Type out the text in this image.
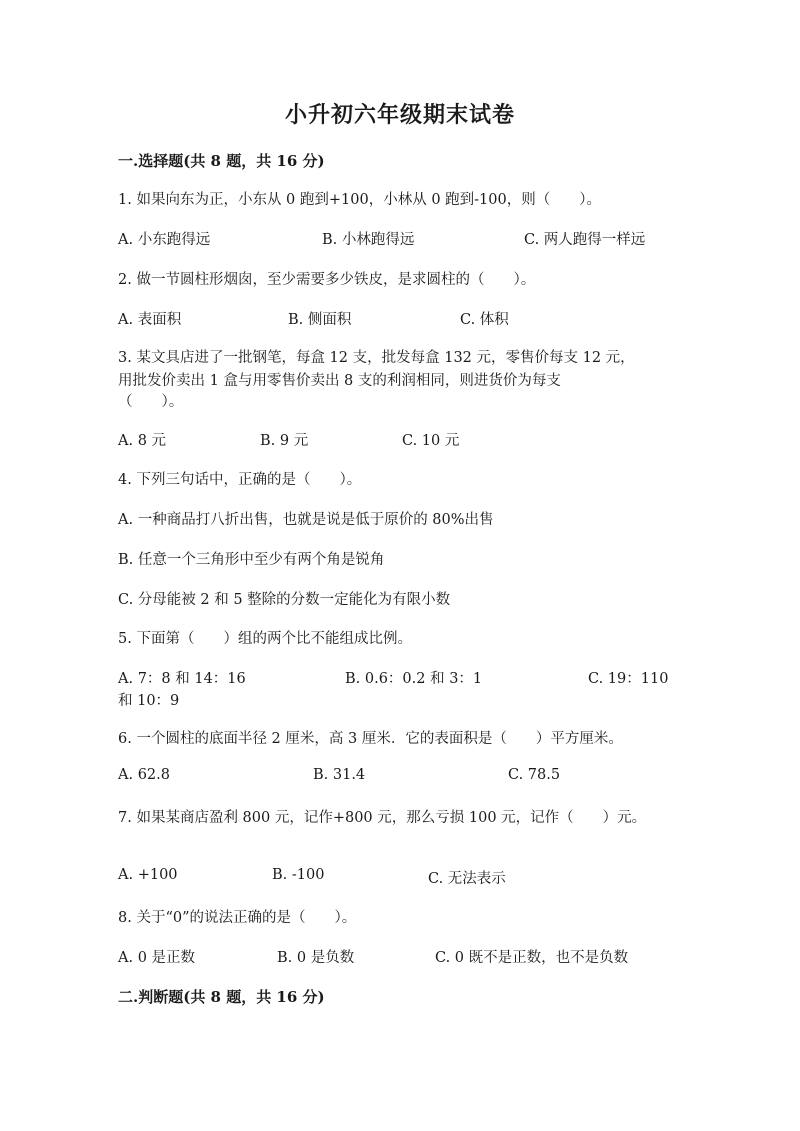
小升初六年级期末试卷
一.选择题(共 8 题，共 16 分)
1. 如果向东为正，小东从 0 跑到+100，小林从 0 跑到-100，则（　　）。
A. 小东跑得远	B. 小林跑得远	C. 两人跑得一样远
2. 做一节圆柱形烟囱，至少需要多少铁皮，是求圆柱的（　　）。
A. 表面积	B. 侧面积	C. 体积
3. 某文具店进了一批钢笔，每盒 12 支，批发每盒 132 元，零售价每支 12 元，
用批发价卖出 1 盒与用零售价卖出 8 支的利润相同，则进货价为每支
（　　）。
A. 8 元	B. 9 元	C. 10 元
4. 下列三句话中，正确的是（　　）。
A. 一种商品打八折出售，也就是说是低于原价的 80%出售
B. 任意一个三角形中至少有两个角是锐角
C. 分母能被 2 和 5 整除的分数一定能化为有限小数
5. 下面第（　　）组的两个比不能组成比例。
A. 7：8 和 14：16	B. 0.6：0.2 和 3：1	C. 19：110
和 10：9
6. 一个圆柱的底面半径 2 厘米，高 3 厘米．它的表面积是（　　）平方厘米。
A. 62.8	B. 31.4	C. 78.5
7. 如果某商店盈利 800 元，记作+800 元，那么亏损 100 元，记作（　　）元。
A. +100	B. -100	C. 无法表示
8. 关于“0”的说法正确的是（　　）。
A. 0 是正数	B. 0 是负数	C. 0 既不是正数，也不是负数
二.判断题(共 8 题，共 16 分)
